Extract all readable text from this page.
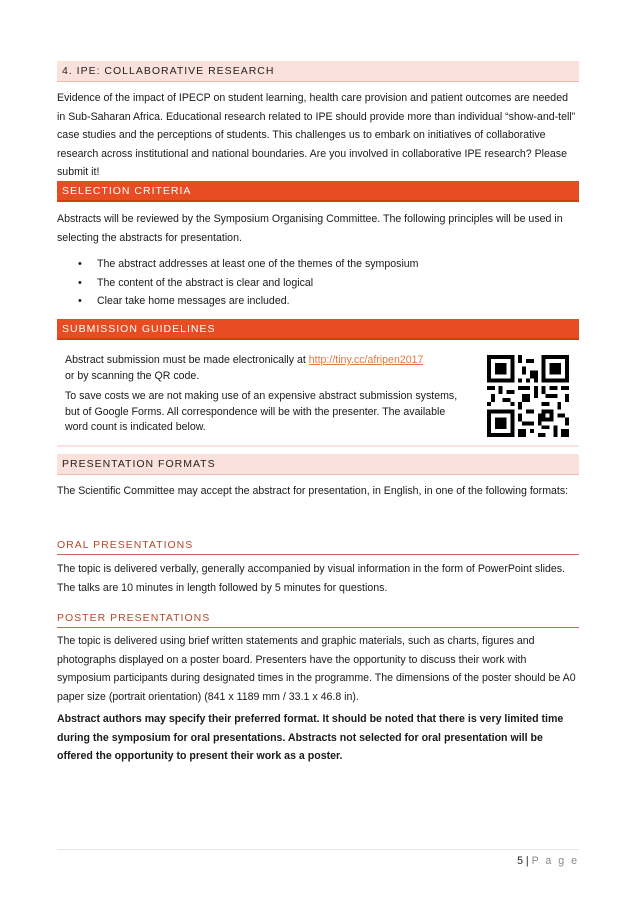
4. IPE: COLLABORATIVE RESEARCH

Evidence of the impact of IPECP on student learning, health care provision and patient outcomes are needed in Sub-Saharan Africa. Educational research related to IPE should provide more than individual “show-and-tell” case studies and the perceptions of students. This challenges us to embark on initiatives of collaborative research across institutional and national boundaries. Are you involved in collaborative IPE research? Please submit it!

SELECTION CRITERIA

Abstracts will be reviewed by the Symposium Organising Committee. The following principles will be used in selecting the abstracts for presentation.

• The abstract addresses at least one of the themes of the symposium
• The content of the abstract is clear and logical
• Clear take home messages are included.
SUBMISSION GUIDELINES

Abstract submission must be made electronically at http://tiny.cc/afripen2017
or by scanning the QR code.

To save costs we are not making use of an expensive abstract submission systems, but of Google Forms. All correspondence will be with the presenter. The available word count is indicated below.

PRESENTATION FORMATS

The Scientific Committee may accept the abstract for presentation, in English, in one of the following formats:

ORAL PRESENTATIONS

The topic is delivered verbally, generally accompanied by visual information in the form of PowerPoint slides. The talks are 10 minutes in length followed by 5 minutes for questions.

POSTER PRESENTATIONS

The topic is delivered using brief written statements and graphic materials, such as charts, figures and photographs displayed on a poster board. Presenters have the opportunity to discuss their work with symposium participants during designated times in the programme. The dimensions of the poster should be A0 paper size (portrait orientation) (841 x 1189 mm / 33.1 x 46.8 in).

Abstract authors may specify their preferred format. It should be noted that there is very limited time during the symposium for oral presentations. Abstracts not selected for oral presentation will be offered the opportunity to present their work as a poster.

5 | P a g e
